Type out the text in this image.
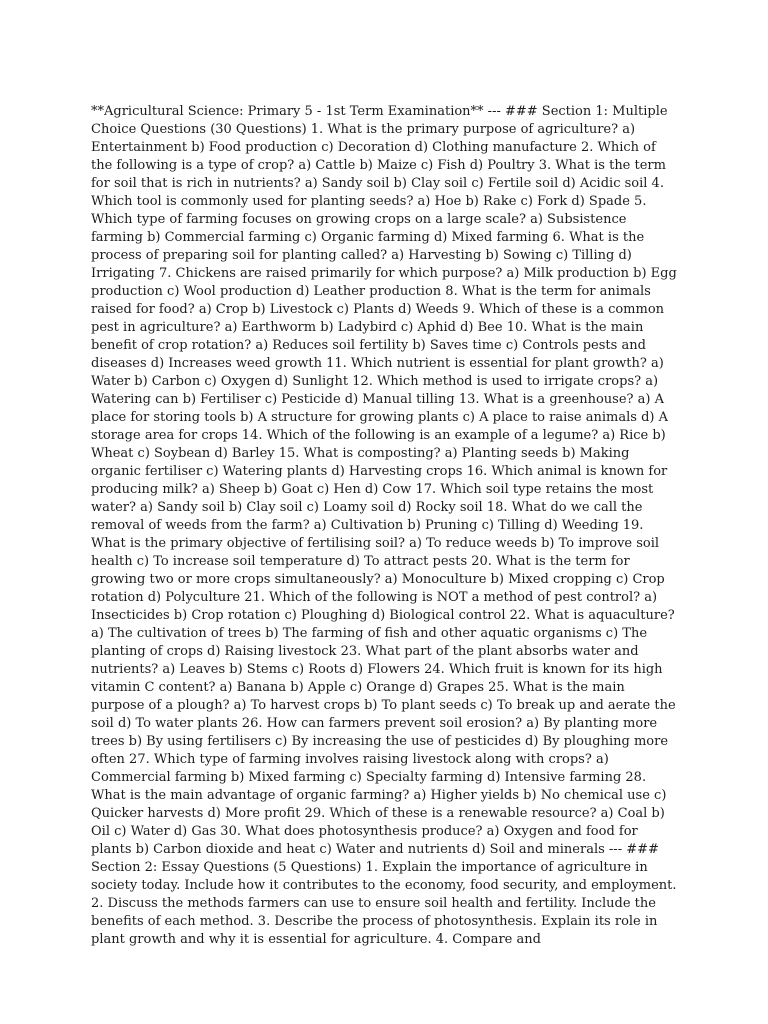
**Agricultural Science: Primary 5 - 1st Term Examination** --- ### Section 1: Multiple Choice Questions (30 Questions) 1. What is the primary purpose of agriculture? a) Entertainment b) Food production c) Decoration d) Clothing manufacture 2. Which of the following is a type of crop? a) Cattle b) Maize c) Fish d) Poultry 3. What is the term for soil that is rich in nutrients? a) Sandy soil b) Clay soil c) Fertile soil d) Acidic soil 4. Which tool is commonly used for planting seeds? a) Hoe b) Rake c) Fork d) Spade 5. Which type of farming focuses on growing crops on a large scale? a) Subsistence farming b) Commercial farming c) Organic farming d) Mixed farming 6. What is the process of preparing soil for planting called? a) Harvesting b) Sowing c) Tilling d) Irrigating 7. Chickens are raised primarily for which purpose? a) Milk production b) Egg production c) Wool production d) Leather production 8. What is the term for animals raised for food? a) Crop b) Livestock c) Plants d) Weeds 9. Which of these is a common pest in agriculture? a) Earthworm b) Ladybird c) Aphid d) Bee 10. What is the main benefit of crop rotation? a) Reduces soil fertility b) Saves time c) Controls pests and diseases d) Increases weed growth 11. Which nutrient is essential for plant growth? a) Water b) Carbon c) Oxygen d) Sunlight 12. Which method is used to irrigate crops? a) Watering can b) Fertiliser c) Pesticide d) Manual tilling 13. What is a greenhouse? a) A place for storing tools b) A structure for growing plants c) A place to raise animals d) A storage area for crops 14. Which of the following is an example of a legume? a) Rice b) Wheat c) Soybean d) Barley 15. What is composting? a) Planting seeds b) Making organic fertiliser c) Watering plants d) Harvesting crops 16. Which animal is known for producing milk? a) Sheep b) Goat c) Hen d) Cow 17. Which soil type retains the most water? a) Sandy soil b) Clay soil c) Loamy soil d) Rocky soil 18. What do we call the removal of weeds from the farm? a) Cultivation b) Pruning c) Tilling d) Weeding 19. What is the primary objective of fertilising soil? a) To reduce weeds b) To improve soil health c) To increase soil temperature d) To attract pests 20. What is the term for growing two or more crops simultaneously? a) Monoculture b) Mixed cropping c) Crop rotation d) Polyculture 21. Which of the following is NOT a method of pest control? a) Insecticides b) Crop rotation c) Ploughing d) Biological control 22. What is aquaculture? a) The cultivation of trees b) The farming of fish and other aquatic organisms c) The planting of crops d) Raising livestock 23. What part of the plant absorbs water and nutrients? a) Leaves b) Stems c) Roots d) Flowers 24. Which fruit is known for its high vitamin C content? a) Banana b) Apple c) Orange d) Grapes 25. What is the main purpose of a plough? a) To harvest crops b) To plant seeds c) To break up and aerate the soil d) To water plants 26. How can farmers prevent soil erosion? a) By planting more trees b) By using fertilisers c) By increasing the use of pesticides d) By ploughing more often 27. Which type of farming involves raising livestock along with crops? a) Commercial farming b) Mixed farming c) Specialty farming d) Intensive farming 28. What is the main advantage of organic farming? a) Higher yields b) No chemical use c) Quicker harvests d) More profit 29. Which of these is a renewable resource? a) Coal b) Oil c) Water d) Gas 30. What does photosynthesis produce? a) Oxygen and food for plants b) Carbon dioxide and heat c) Water and nutrients d) Soil and minerals --- ### Section 2: Essay Questions (5 Questions) 1. Explain the importance of agriculture in society today. Include how it contributes to the economy, food security, and employment. 2. Discuss the methods farmers can use to ensure soil health and fertility. Include the benefits of each method. 3. Describe the process of photosynthesis. Explain its role in plant growth and why it is essential for agriculture. 4. Compare and
